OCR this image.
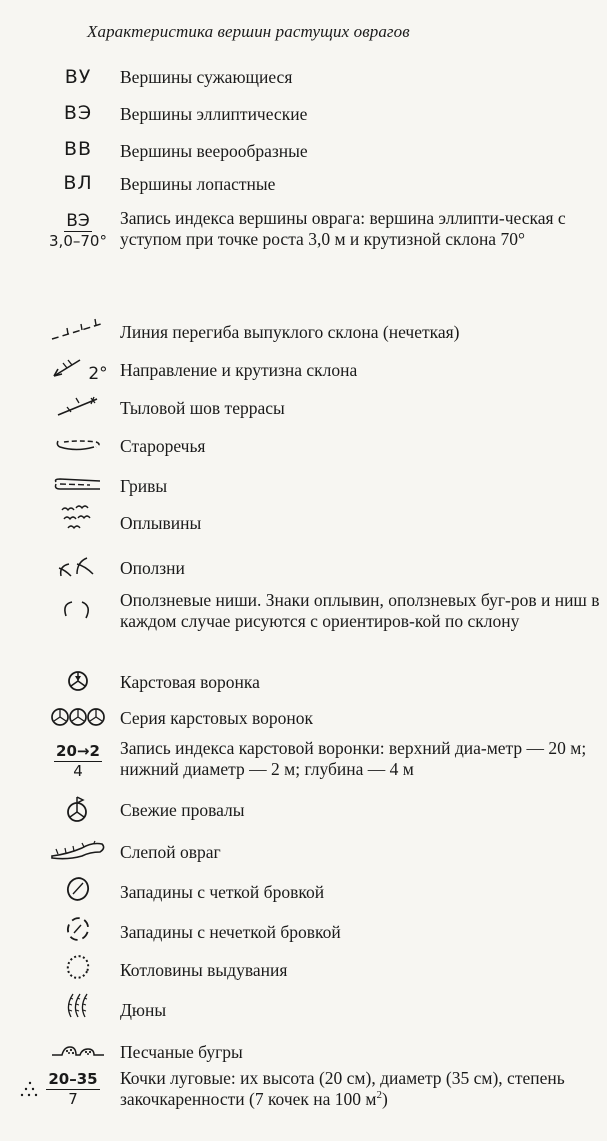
Характеристика вершин растущих оврагов
ВУ	Вершины сужающиеся
ВЭ	Вершины эллиптические
ВВ	Вершины веерообразные
ВЛ	Вершины лопастные
$\frac{ВЭ}{3,0-70^\circ}$ Запись индекса вершины оврага: вершина эллипти-ческая с уступом при точке роста 3,0 м и крутизной склона 70°
Линия перегиба выпуклого склона (нечеткая)
2° Направление и крутизна склона
Тыловой шов террасы
Староречья
Гривы
Оплывины
Оползни
Оползневые ниши. Знаки оплывин, оползневых буг-ров и ниш в каждом случае рисуются с ориентиров-кой по склону
Карстовая воронка
Серия карстовых воронок
$\frac{20\to 2}{4}$ Запись индекса карстовой воронки: верхний диа-метр — 20 м; нижний диаметр — 2 м; глубина — 4 м
Свежие провалы
Слепой овраг
Западины с четкой бровкой
Западины с нечеткой бровкой
Котловины выдувания
Дюны
Песчаные бугры
$\frac{20-35}{7}$ Кочки луговые: их высота (20 см), диаметр (35 см), степень закочкаренности (7 кочек на 100 $м^2$)
